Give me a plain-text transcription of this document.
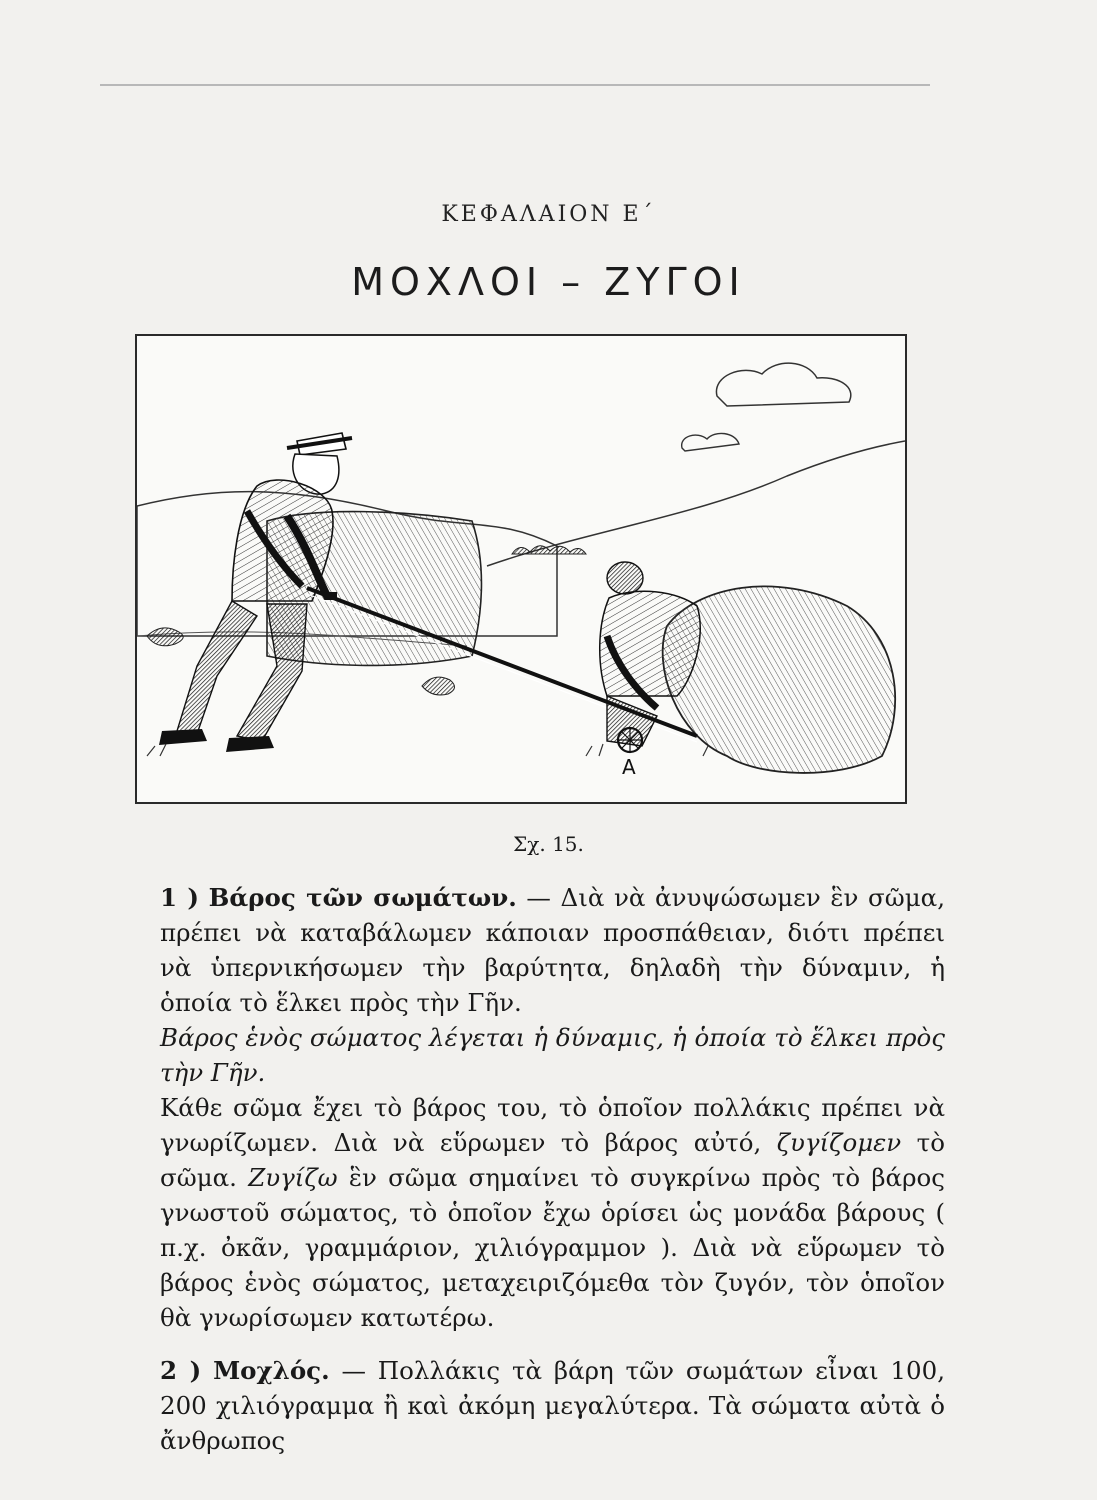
ΚΕΦΑΛΑΙΟΝ Ε΄
ΜΟΧΛΟΙ – ΖΥΓΟΙ
Α
Σχ. 15.

1 ) Βάρος τῶν σωμάτων. — Διὰ νὰ ἀνυψώσωμεν ἓν σῶμα, πρέπει νὰ καταβάλωμεν κάποιαν προσπάθειαν, διότι πρέπει νὰ ὑπερνικήσωμεν τὴν βαρύτητα, δηλαδὴ τὴν δύναμιν, ἡ ὁποία τὸ ἕλκει πρὸς τὴν Γῆν.

Βάρος ἑνὸς σώματος λέγεται ἡ δύναμις, ἡ ὁποία τὸ ἕλκει πρὸς τὴν Γῆν.

Κάθε σῶμα ἔχει τὸ βάρος του, τὸ ὁποῖον πολλάκις πρέπει νὰ γνωρίζωμεν. Διὰ νὰ εὕρωμεν τὸ βάρος αὐτό, ζυγίζομεν τὸ σῶμα. Ζυγίζω ἓν σῶμα σημαίνει τὸ συγκρίνω πρὸς τὸ βάρος γνωστοῦ σώματος, τὸ ὁποῖον ἔχω ὁρίσει ὡς μονάδα βάρους ( π.χ. ὀκᾶν, γραμμάριον, χιλιόγραμμον ). Διὰ νὰ εὕρωμεν τὸ βάρος ἑνὸς σώματος, μεταχειριζόμεθα τὸν ζυγόν, τὸν ὁποῖον θὰ γνωρίσωμεν κατωτέρω.

2 ) Μοχλός. — Πολλάκις τὰ βάρη τῶν σωμάτων εἶναι 100, 200 χιλιόγραμμα ἢ καὶ ἀκόμη μεγαλύτερα. Τὰ σώματα αὐτὰ ὁ ἄνθρωπος
